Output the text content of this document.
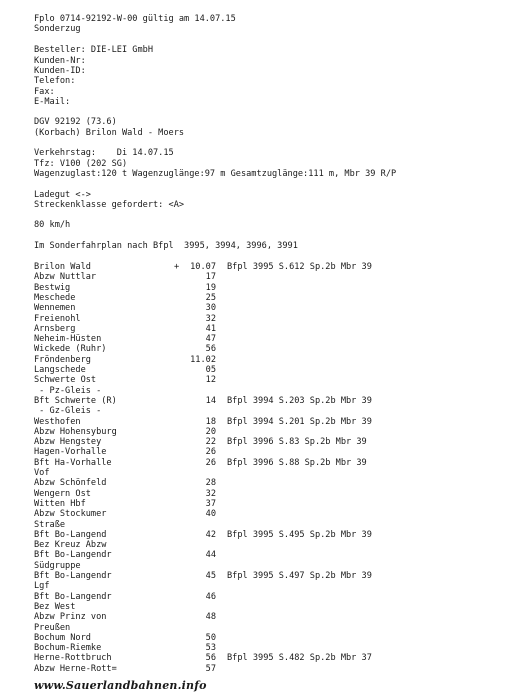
Fplo 0714-92192-W-00 gültig am 14.07.15
Sonderzug
Besteller: DIE-LEI GmbH
Kunden-Nr:
Kunden-ID:
Telefon:
Fax:
E-Mail:
DGV 92192 (73.6)
(Korbach) Brilon Wald - Moers
Verkehrstag:    Di 14.07.15
Tfz: V100 (202 SG)
Wagenzuglast:120 t Wagenzuglänge:97 m Gesamtzuglänge:111 m, Mbr 39 R/P
Ladegut <->
Streckenklasse gefordert: <A>
80 km/h
Im Sonderfahrplan nach Bfpl  3995, 3994, 3996, 3991
Brilon Wald	+	10.07 Bfpl 3995 S.612 Sp.2b Mbr 39
Abzw Nuttlar	17
Bestwig	19
Meschede	25
Wennemen	30
Freienohl	32
Arnsberg	41
Neheim-Hüsten	47
Wickede (Ruhr)	56
Fröndenberg	11.02
Langschede	05
Schwerte Ost	12
- Pz-Gleis -
Bft Schwerte (R)	14 Bfpl 3994 S.203 Sp.2b Mbr 39
- Gz-Gleis -
Westhofen	18 Bfpl 3994 S.201 Sp.2b Mbr 39
Abzw Hohensyburg	20
Abzw Hengstey	22 Bfpl 3996 S.83 Sp.2b Mbr 39
Hagen-Vorhalle	26
Bft Ha-Vorhalle	26 Bfpl 3996 S.88 Sp.2b Mbr 39
Vof
Abzw Schönfeld	28
Wengern Ost	32
Witten Hbf	37
Abzw Stockumer	40
Straße
Bft Bo-Langend	42 Bfpl 3995 S.495 Sp.2b Mbr 39
Bez Kreuz Abzw
Bft Bo-Langendr	44
Südgruppe
Bft Bo-Langendr	45 Bfpl 3995 S.497 Sp.2b Mbr 39
Lgf
Bft Bo-Langendr	46
Bez West
Abzw Prinz von	48
Preußen
Bochum Nord	50
Bochum-Riemke	53
Herne-Rottbruch	56 Bfpl 3995 S.482 Sp.2b Mbr 37
Abzw Herne-Rott=	57
www.Sauerlandbahnen.info
